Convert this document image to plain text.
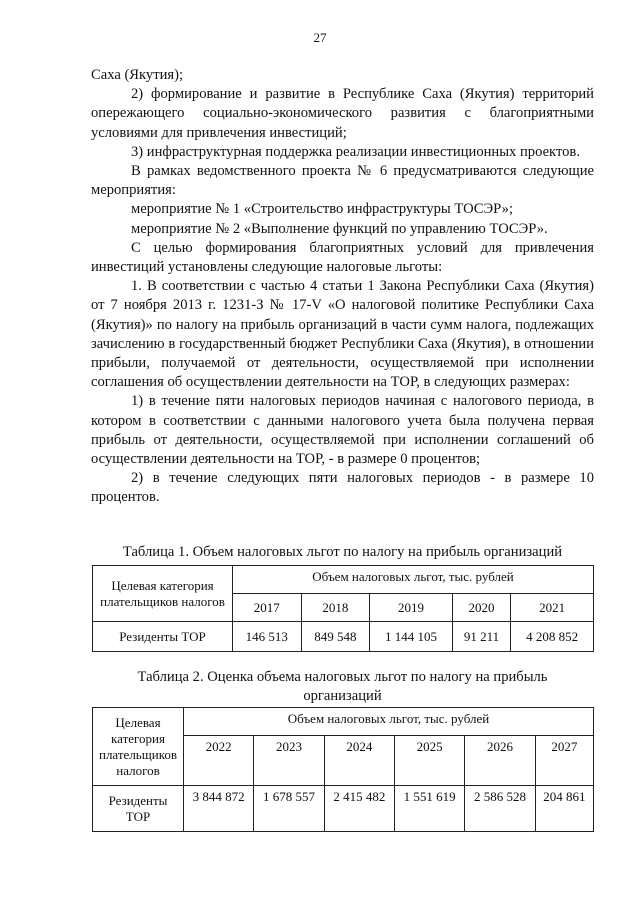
27

Саха (Якутия);

2) формирование и развитие в Республике Саха (Якутия) территорий опережающего социально-экономического развития с благоприятными условиями для привлечения инвестиций;

3) инфраструктурная поддержка реализации инвестиционных проектов.

В рамках ведомственного проекта № 6 предусматриваются следующие мероприятия:

мероприятие № 1 «Строительство инфраструктуры ТОСЭР»;

мероприятие № 2 «Выполнение функций по управлению ТОСЭР».

С целью формирования благоприятных условий для привлечения инвестиций установлены следующие налоговые льготы:

1. В соответствии с частью 4 статьи 1 Закона Республики Саха (Якутия) от 7 ноября 2013 г. 1231-З № 17-V «О налоговой политике Республики Саха (Якутия)» по налогу на прибыль организаций в части сумм налога, подлежащих зачислению в государственный бюджет Республики Саха (Якутия), в отношении прибыли, получаемой от деятельности, осуществляемой при исполнении соглашения об осуществлении деятельности на ТОР, в следующих размерах:

1) в течение пяти налоговых периодов начиная с налогового периода, в котором в соответствии с данными налогового учета была получена первая прибыль от деятельности, осуществляемой при исполнении соглашений об осуществлении деятельности на ТОР, - в размере 0 процентов;

2) в течение следующих пяти налоговых периодов - в размере 10 процентов.

Таблица 1. Объем налоговых льгот по налогу на прибыль организаций
Целевая категория плательщиков налогов	Объем налоговых льгот, тыс. рублей				
	2017	2018	2019	2020	2021
Резиденты ТОР	146 513	849 548	1 144 105	91 211	4 208 852
Таблица 2. Оценка объема налоговых льгот по налогу на прибыль
организаций
Целевая категория плательщиков налогов	Объем налоговых льгот, тыс. рублей					
	2022	2023	2024	2025	2026	2027
Резиденты ТОР	3 844 872	1 678 557	2 415 482	1 551 619	2 586 528	204 861
